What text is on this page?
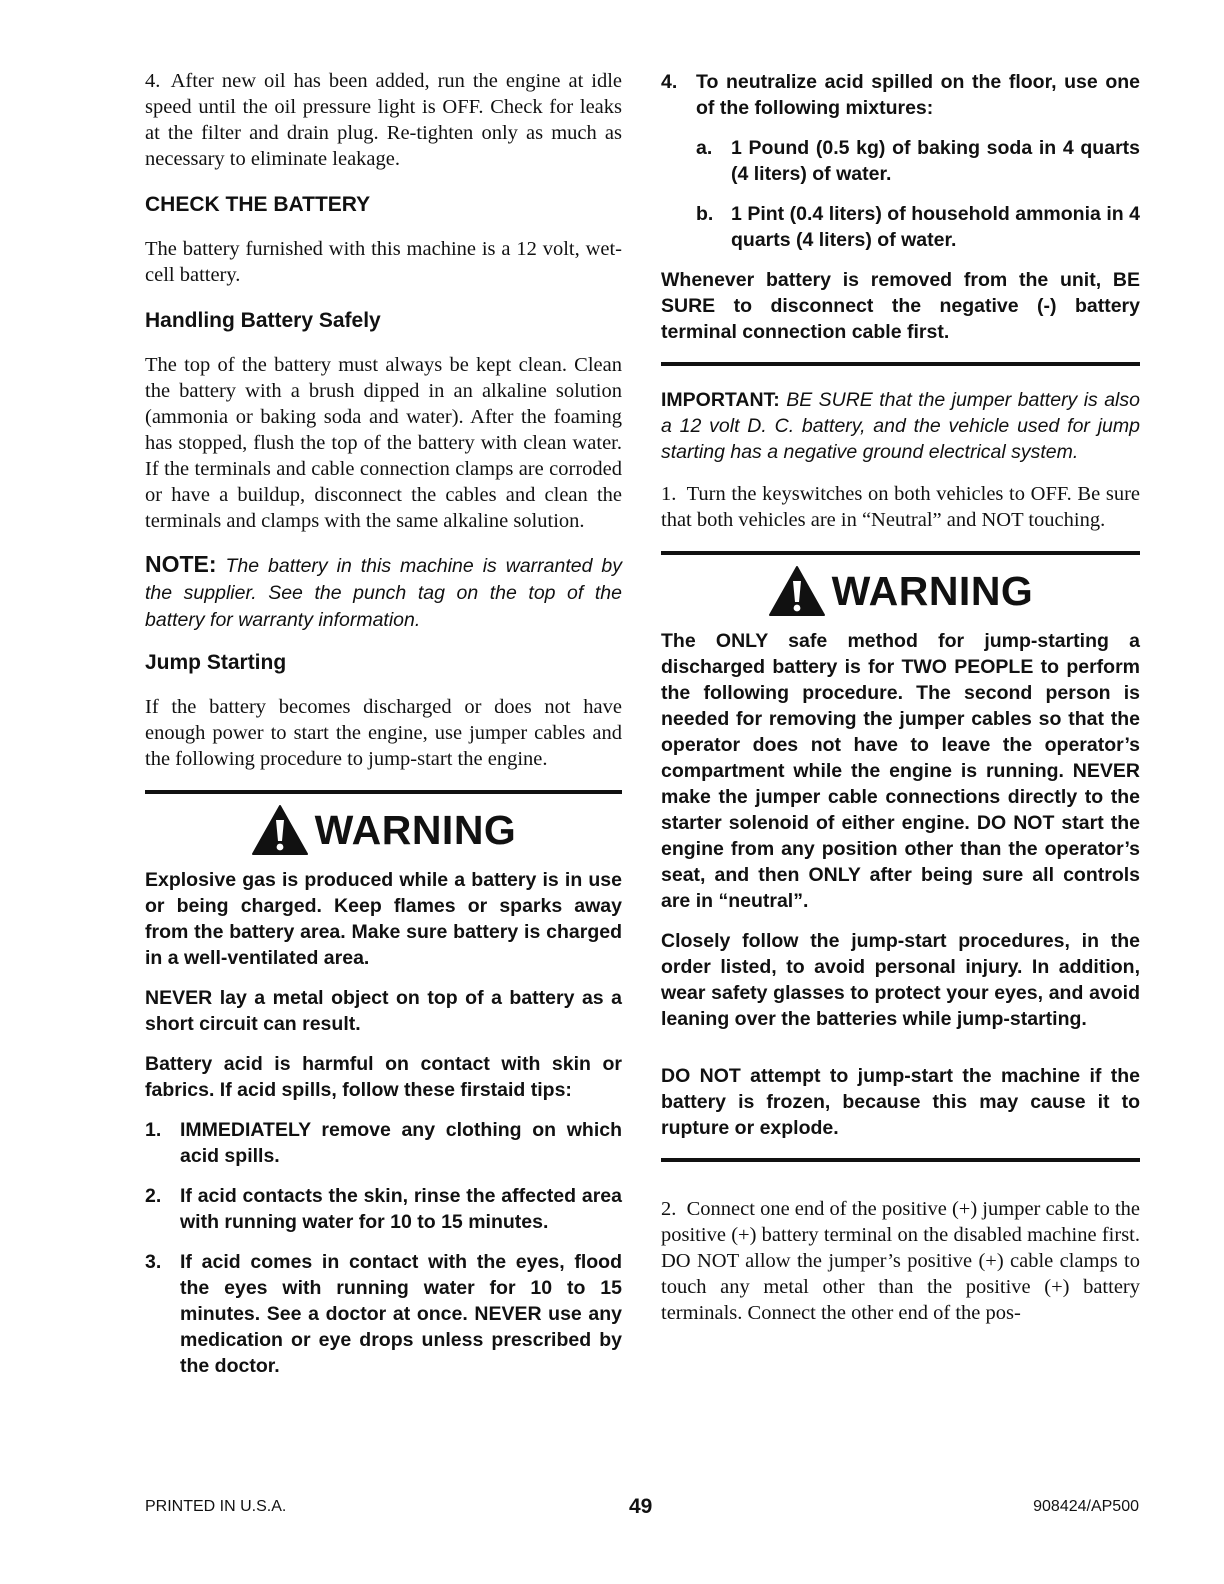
4. After new oil has been added, run the engine at idle speed until the oil pressure light is OFF. Check for leaks at the filter and drain plug. Re-tighten only as much as necessary to eliminate leakage.

CHECK THE BATTERY

The battery furnished with this machine is a 12 volt, wet-cell battery.

Handling Battery Safely

The top of the battery must always be kept clean. Clean the battery with a brush dipped in an alkaline solution (ammonia or baking soda and water). After the foaming has stopped, flush the top of the battery with clean water. If the terminals and cable connection clamps are corroded or have a buildup, disconnect the cables and clean the terminals and clamps with the same alkaline solution.

NOTE: The battery in this machine is warranted by the supplier. See the punch tag on the top of the battery for warranty information.

Jump Starting

If the battery becomes discharged or does not have enough power to start the engine, use jumper cables and the following procedure to jump-start the engine.

WARNING

Explosive gas is produced while a battery is in use or being charged. Keep flames or sparks away from the battery area. Make sure battery is charged in a well-ventilated area.

NEVER lay a metal object on top of a battery as a short circuit can result.

Battery acid is harmful on contact with skin or fabrics. If acid spills, follow these firstaid tips:

1. IMMEDIATELY remove any clothing on which acid spills.
2. If acid contacts the skin, rinse the affected area with running water for 10 to 15 minutes.
3. If acid comes in contact with the eyes, flood the eyes with running water for 10 to 15 minutes. See a doctor at once. NEVER use any medication or eye drops unless prescribed by the doctor.
4. To neutralize acid spilled on the floor, use one of the following mixtures:
a. 1 Pound (0.5 kg) of baking soda in 4 quarts (4 liters) of water.
b. 1 Pint (0.4 liters) of household ammonia in 4 quarts (4 liters) of water.

Whenever battery is removed from the unit, BE SURE to disconnect the negative (-) battery terminal connection cable first.

IMPORTANT: BE SURE that the jumper battery is also a 12 volt D. C. battery, and the vehicle used for jump starting has a negative ground electrical system.

1. Turn the keyswitches on both vehicles to OFF. Be sure that both vehicles are in “Neutral” and NOT touching.

WARNING

The ONLY safe method for jump-starting a discharged battery is for TWO PEOPLE to perform the following procedure. The second person is needed for removing the jumper cables so that the operator does not have to leave the operator’s compartment while the engine is running. NEVER make the jumper cable connections directly to the starter solenoid of either engine. DO NOT start the engine from any position other than the operator’s seat, and then ONLY after being sure all controls are in “neutral”.

Closely follow the jump-start procedures, in the order listed, to avoid personal injury. In addition, wear safety glasses to protect your eyes, and avoid leaning over the batteries while jump-starting.

DO NOT attempt to jump-start the machine if the battery is frozen, because this may cause it to rupture or explode.

2. Connect one end of the positive (+) jumper cable to the positive (+) battery terminal on the disabled machine first. DO NOT allow the jumper’s positive (+) cable clamps to touch any metal other than the positive (+) battery terminals. Connect the other end of the pos-

PRINTED IN U.S.A.	49	908424/AP500
